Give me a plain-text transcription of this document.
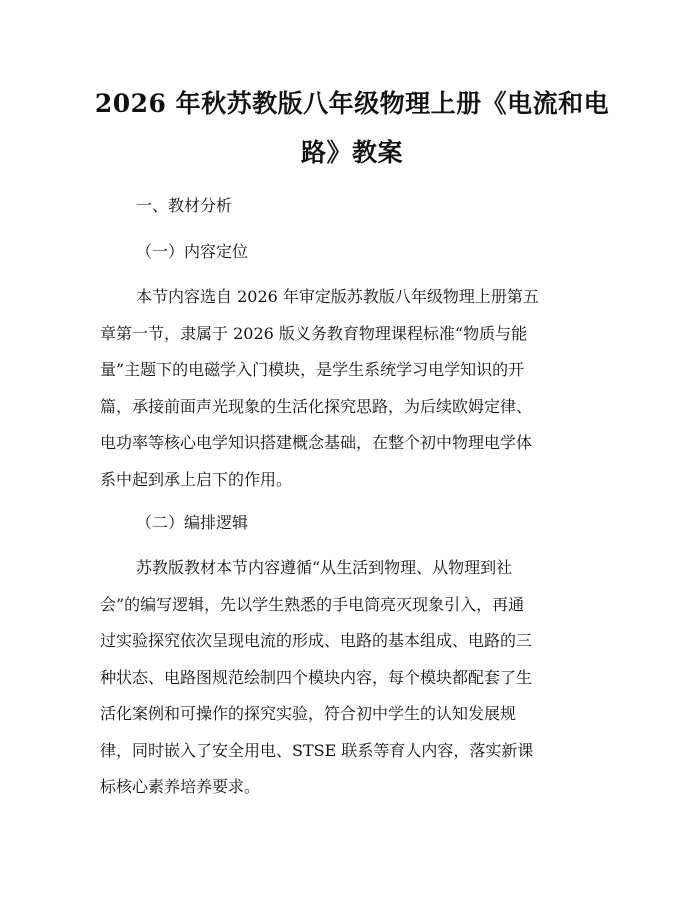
2026 年秋苏教版八年级物理上册《电流和电
路》教案

一、教材分析

（一）内容定位

本节内容选自 2026 年审定版苏教版八年级物理上册第五
章第一节，隶属于 2026 版义务教育物理课程标准“物质与能
量”主题下的电磁学入门模块，是学生系统学习电学知识的开
篇，承接前面声光现象的生活化探究思路，为后续欧姆定律、
电功率等核心电学知识搭建概念基础，在整个初中物理电学体
系中起到承上启下的作用。

（二）编排逻辑

苏教版教材本节内容遵循“从生活到物理、从物理到社
会”的编写逻辑，先以学生熟悉的手电筒亮灭现象引入，再通
过实验探究依次呈现电流的形成、电路的基本组成、电路的三
种状态、电路图规范绘制四个模块内容，每个模块都配套了生
活化案例和可操作的探究实验，符合初中学生的认知发展规
律，同时嵌入了安全用电、STSE 联系等育人内容，落实新课
标核心素养培养要求。
